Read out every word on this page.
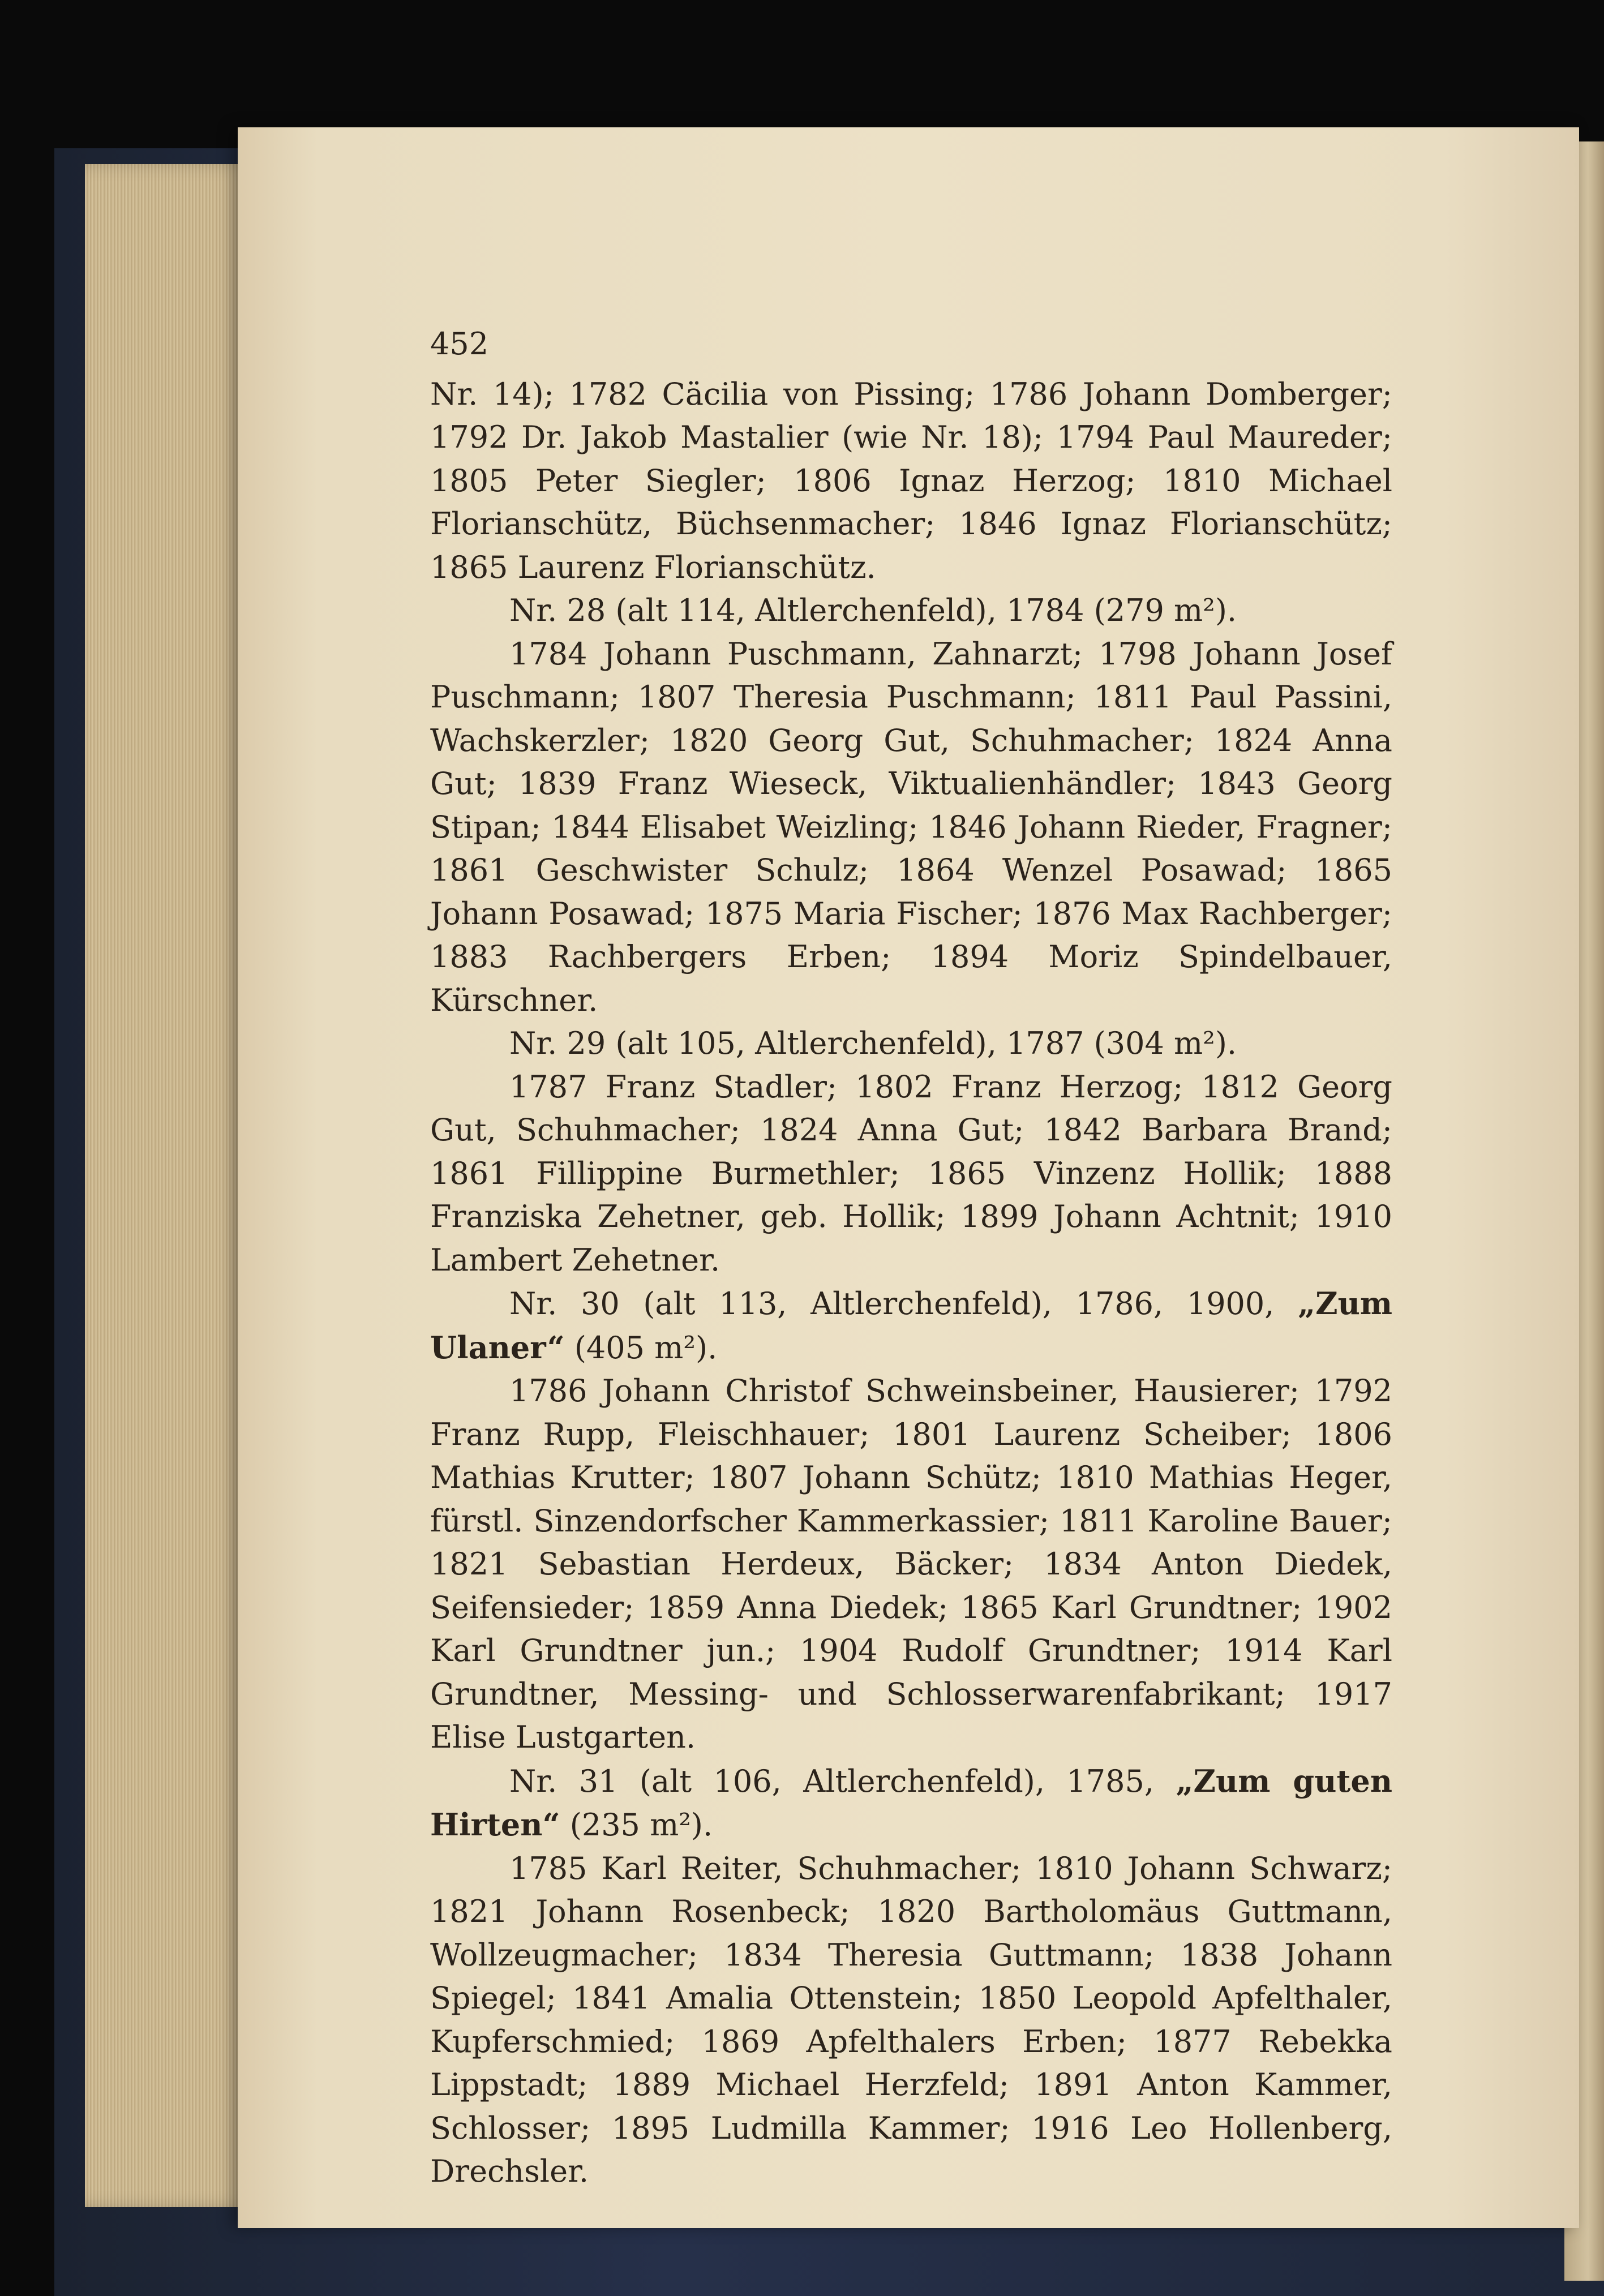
452

Nr. 14); 1782 Cäcilia von Pissing; 1786 Johann Domberger; 1792 Dr. Jakob Mastalier (wie Nr. 18); 1794 Paul Maureder; 1805 Peter Siegler; 1806 Ignaz Herzog; 1810 Michael Florianschütz, Büchsenmacher; 1846 Ignaz Florianschütz; 1865 Laurenz Florianschütz.

Nr. 28 (alt 114, Altlerchenfeld), 1784 (279 m²).

1784 Johann Puschmann, Zahnarzt; 1798 Johann Josef Puschmann; 1807 Theresia Puschmann; 1811 Paul Passini, Wachskerzler; 1820 Georg Gut, Schuhmacher; 1824 Anna Gut; 1839 Franz Wieseck, Viktualienhändler; 1843 Georg Stipan; 1844 Elisabet Weizling; 1846 Johann Rieder, Fragner; 1861 Geschwister Schulz; 1864 Wenzel Posawad; 1865 Johann Posawad; 1875 Maria Fischer; 1876 Max Rachberger; 1883 Rachbergers Erben; 1894 Moriz Spindelbauer, Kürschner.

Nr. 29 (alt 105, Altlerchenfeld), 1787 (304 m²).

1787 Franz Stadler; 1802 Franz Herzog; 1812 Georg Gut, Schuhmacher; 1824 Anna Gut; 1842 Barbara Brand; 1861 Fillippine Burmethler; 1865 Vinzenz Hollik; 1888 Franziska Zehetner, geb. Hollik; 1899 Johann Achtnit; 1910 Lambert Zehetner.

Nr. 30 (alt 113, Altlerchenfeld), 1786, 1900, „Zum Ulaner“ (405 m²).

1786 Johann Christof Schweinsbeiner, Hausierer; 1792 Franz Rupp, Fleischhauer; 1801 Laurenz Scheiber; 1806 Mathias Krutter; 1807 Johann Schütz; 1810 Mathias Heger, fürstl. Sinzendorfscher Kammerkassier; 1811 Karoline Bauer; 1821 Sebastian Herdeux, Bäcker; 1834 Anton Diedek, Seifensieder; 1859 Anna Diedek; 1865 Karl Grundtner; 1902 Karl Grundtner jun.; 1904 Rudolf Grundtner; 1914 Karl Grundtner, Messing- und Schlosserwarenfabrikant; 1917 Elise Lustgarten.

Nr. 31 (alt 106, Altlerchenfeld), 1785, „Zum guten Hirten“ (235 m²).

1785 Karl Reiter, Schuhmacher; 1810 Johann Schwarz; 1821 Johann Rosenbeck; 1820 Bartholomäus Guttmann, Wollzeugmacher; 1834 Theresia Guttmann; 1838 Johann Spiegel; 1841 Amalia Ottenstein; 1850 Leopold Apfelthaler, Kupferschmied; 1869 Apfelthalers Erben; 1877 Rebekka Lippstadt; 1889 Michael Herzfeld; 1891 Anton Kammer, Schlosser; 1895 Ludmilla Kammer; 1916 Leo Hollenberg, Drechsler.
